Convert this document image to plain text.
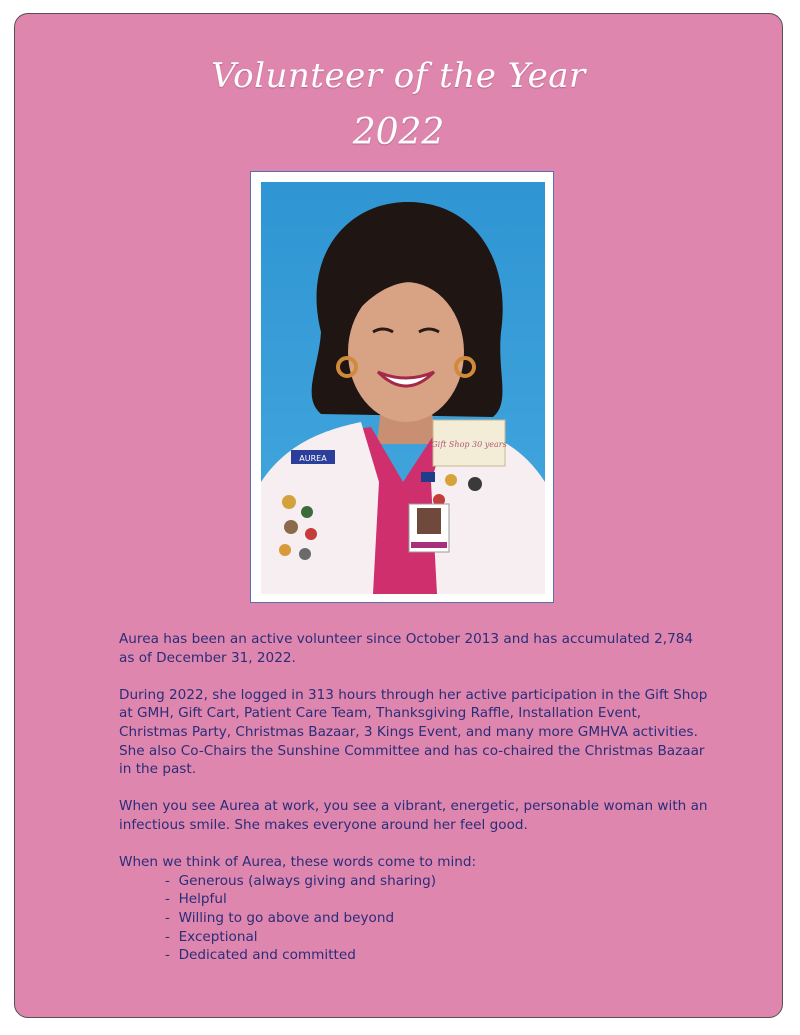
Volunteer of the Year
2022
AUREA
Gift Shop 30 years

Aurea has been an active volunteer since October 2013 and has accumulated 2,784 as of December 31, 2022.

During 2022, she logged in 313 hours through her active participation in the Gift Shop at GMH, Gift Cart, Patient Care Team, Thanksgiving Raffle, Installation Event, Christmas Party, Christmas Bazaar, 3 Kings Event, and many more GMHVA activities. She also Co-Chairs the Sunshine Committee and has co-chaired the Christmas Bazaar in the past.

When you see Aurea at work, you see a vibrant, energetic, personable woman with an infectious smile. She makes everyone around her feel good.

When we think of Aurea, these words come to mind:
- Generous (always giving and sharing)
- Helpful
- Willing to go above and beyond
- Exceptional
- Dedicated and committed
